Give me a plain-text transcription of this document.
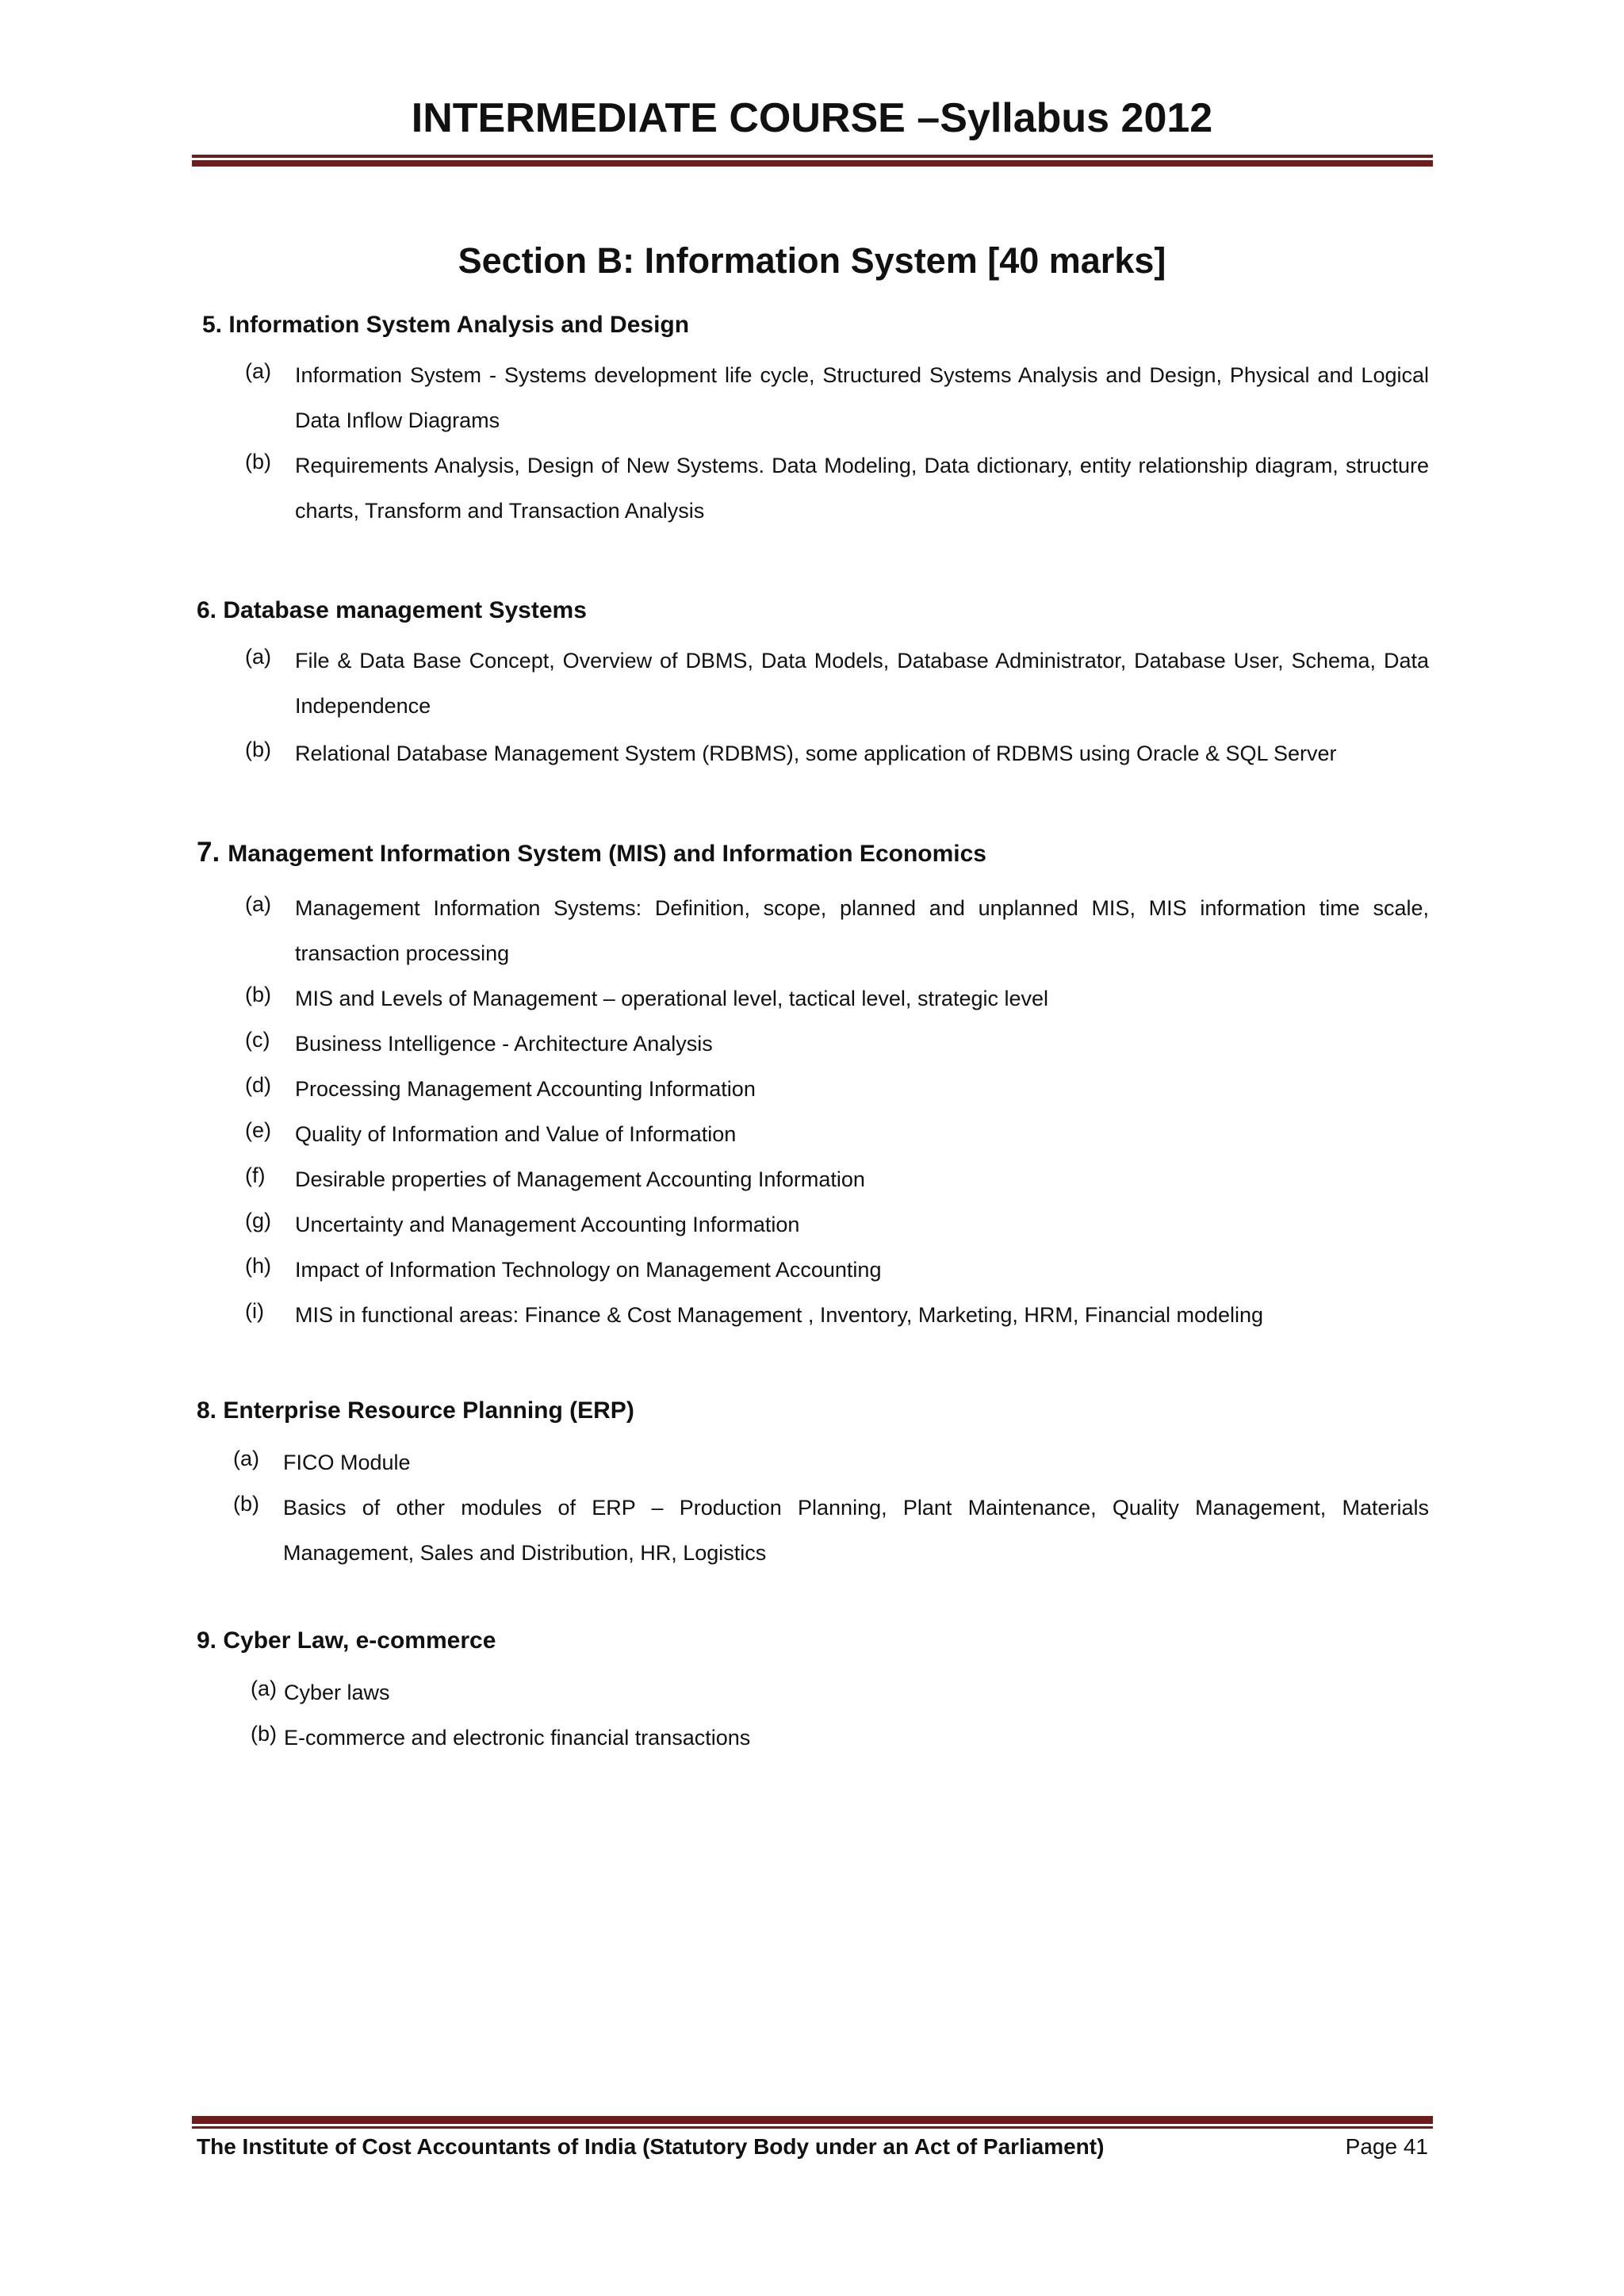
INTERMEDIATE COURSE –Syllabus 2012
Section B: Information System [40 marks]
5. Information System Analysis and Design
(a) Information System - Systems development life cycle, Structured Systems Analysis and Design, Physical and Logical Data Inflow Diagrams
(b) Requirements Analysis, Design of New Systems. Data Modeling, Data dictionary, entity relationship diagram, structure charts, Transform and Transaction Analysis
6. Database management Systems
(a) File & Data Base Concept, Overview of DBMS, Data Models, Database Administrator, Database User, Schema, Data Independence
(b) Relational Database Management System (RDBMS), some application of RDBMS using Oracle & SQL Server
7. Management Information System (MIS) and Information Economics
(a) Management Information Systems: Definition, scope, planned and unplanned MIS, MIS information time scale, transaction processing
(b) MIS and Levels of Management – operational level, tactical level, strategic level
(c) Business Intelligence - Architecture Analysis
(d) Processing Management Accounting Information
(e) Quality of Information and Value of Information
(f) Desirable properties of Management Accounting Information
(g) Uncertainty and Management Accounting Information
(h) Impact of Information Technology on Management Accounting
(i) MIS in functional areas: Finance & Cost Management , Inventory, Marketing, HRM, Financial modeling
8. Enterprise Resource Planning (ERP)
(a) FICO Module
(b) Basics of other modules of ERP – Production Planning, Plant Maintenance, Quality Management, Materials Management, Sales and Distribution, HR, Logistics
9. Cyber Law, e-commerce
(a) Cyber laws
(b) E-commerce and electronic financial transactions
The Institute of Cost Accountants of India (Statutory Body under an Act of Parliament)	Page 41
